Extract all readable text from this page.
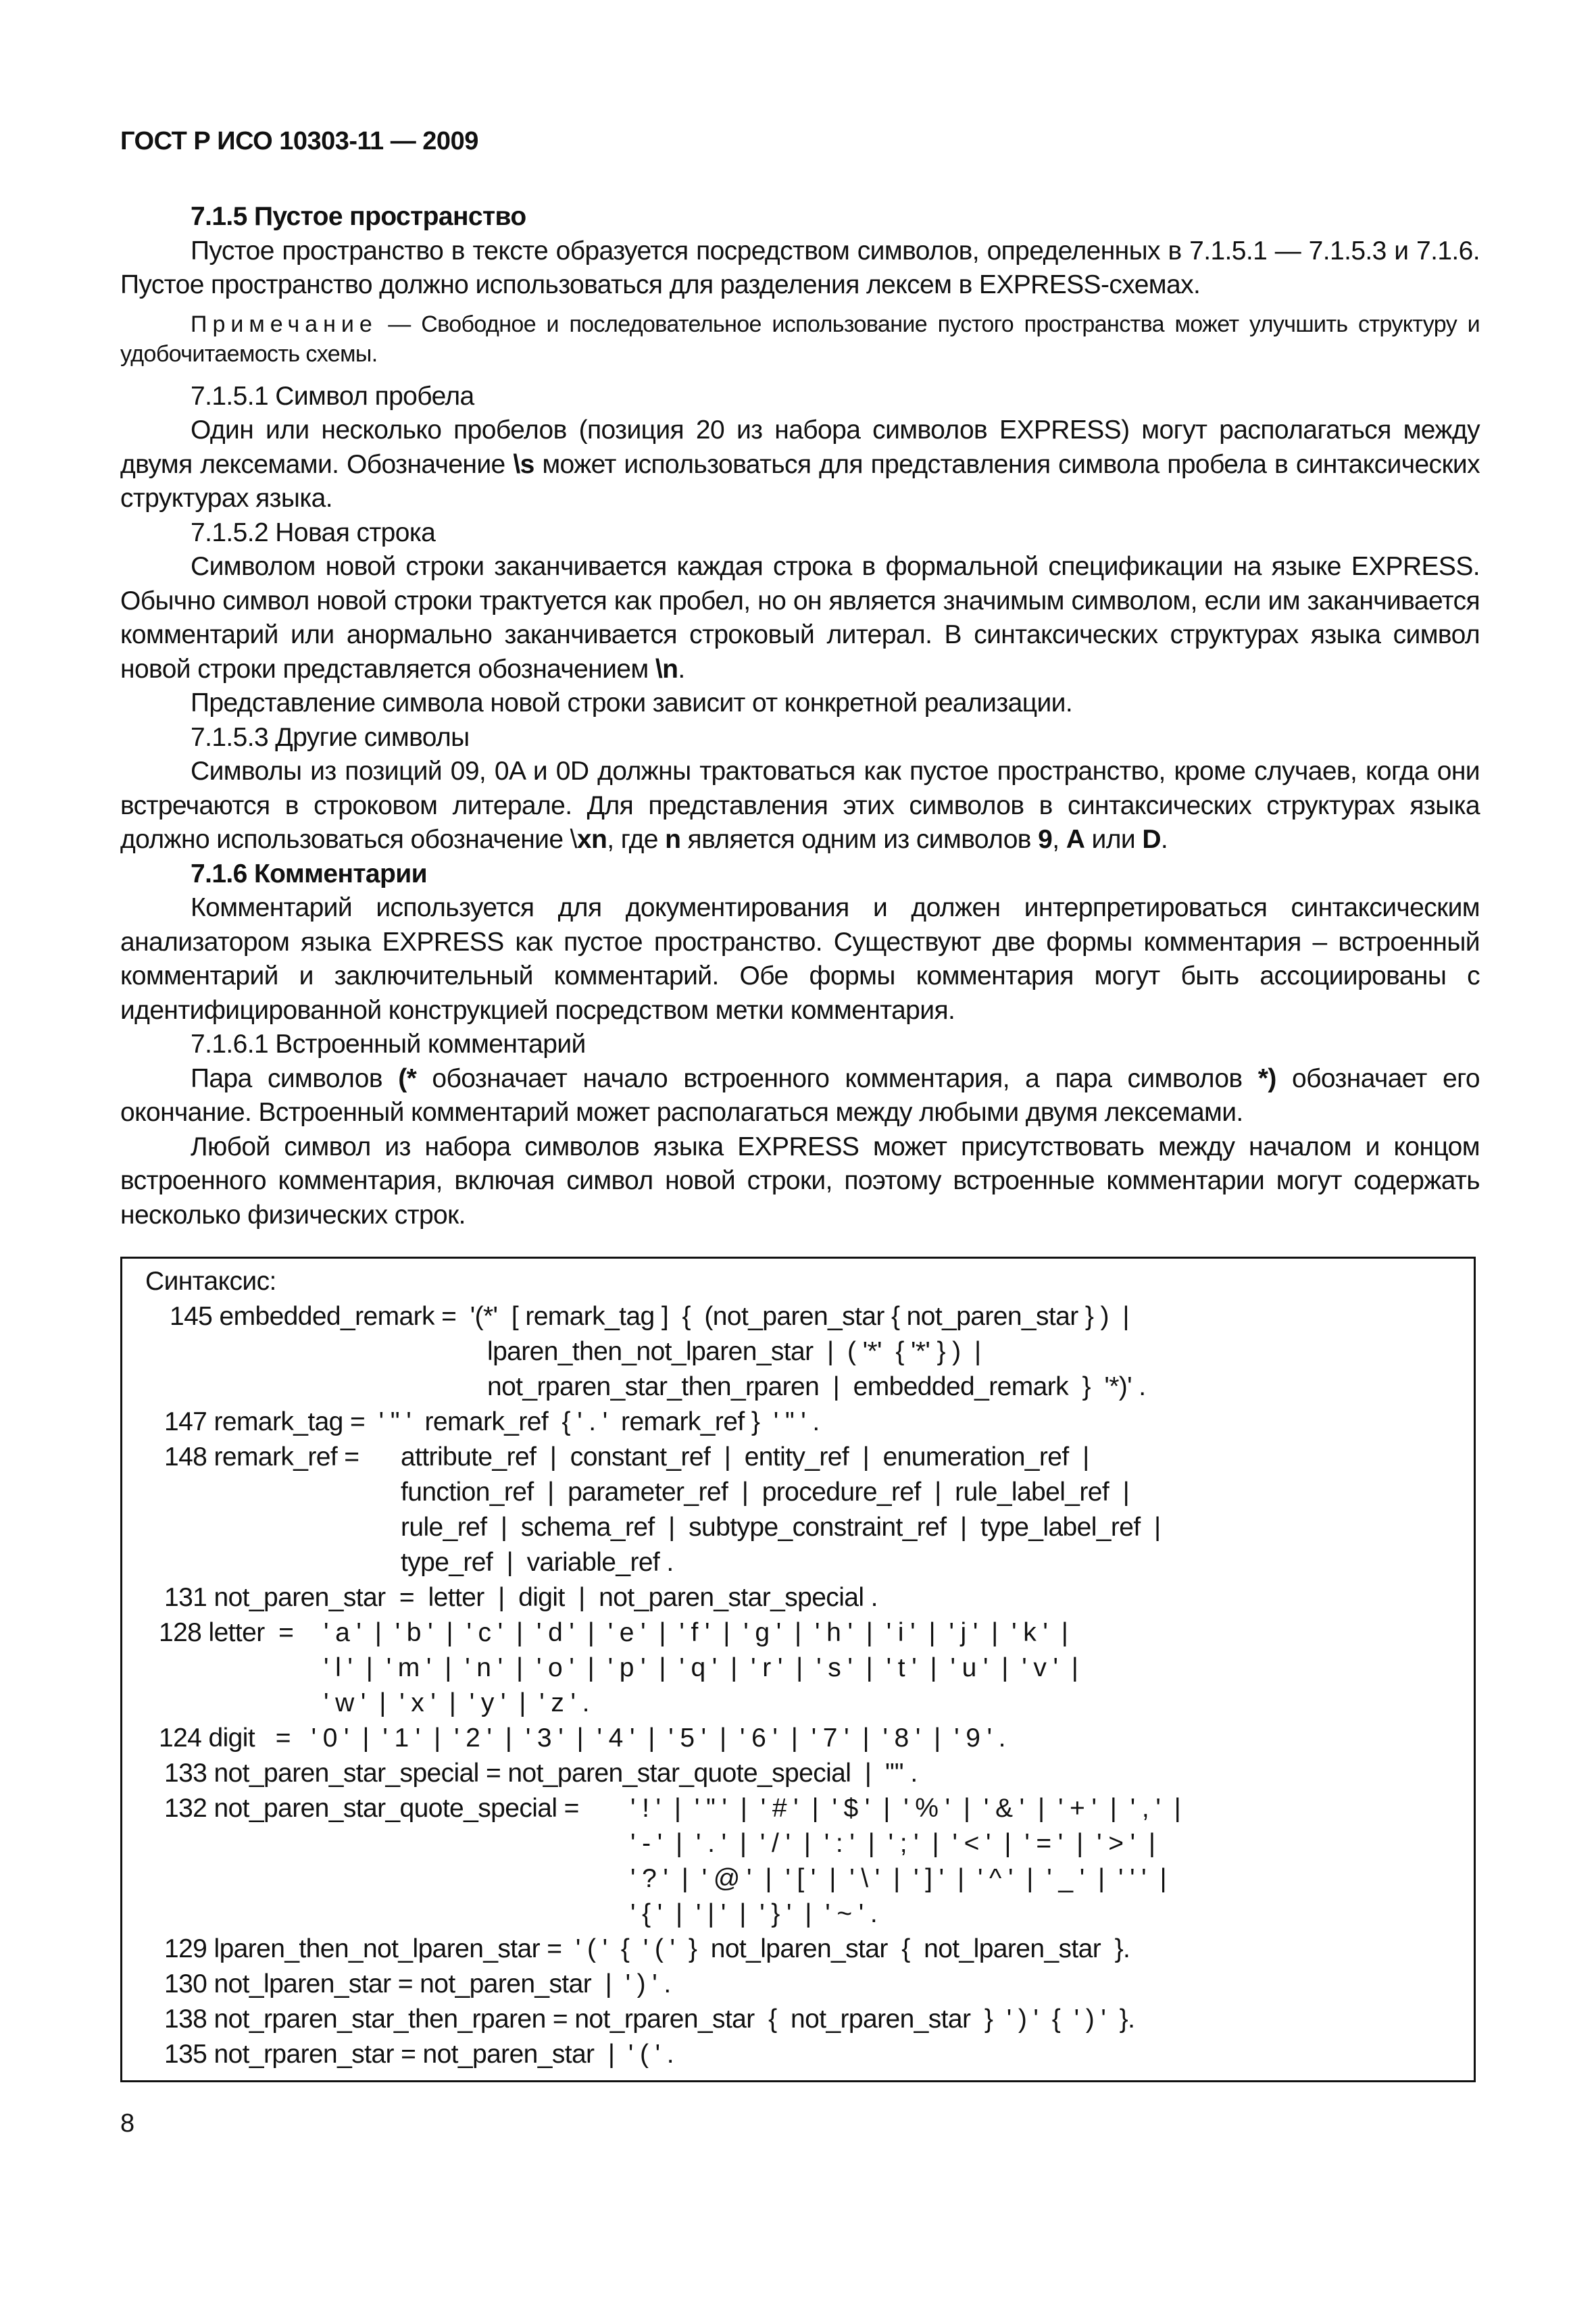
ГОСТ Р ИСО 10303-11 — 2009

7.1.5 Пустое пространство

Пустое пространство в тексте образуется посредством символов, определенных в 7.1.5.1 — 7.1.5.3 и 7.1.6. Пустое пространство должно использоваться для разделения лексем в EXPRESS-схемах.

Примечание — Свободное и последовательное использование пустого пространства может улучшить структуру и удобочитаемость схемы.

7.1.5.1 Символ пробела

Один или несколько пробелов (позиция 20 из набора символов EXPRESS) могут располагаться между двумя лексемами. Обозначение \s может использоваться для представления символа пробела в синтаксических структурах языка.

7.1.5.2 Новая строка

Символом новой строки заканчивается каждая строка в формальной спецификации на языке EXPRESS. Обычно символ новой строки трактуется как пробел, но он является значимым символом, если им заканчивается комментарий или анормально заканчивается строковый литерал. В синтаксических структурах языка символ новой строки представляется обозначением \n.

Представление символа новой строки зависит от конкретной реализации.

7.1.5.3 Другие символы

Символы из позиций 09, 0A и 0D должны трактоваться как пустое пространство, кроме случаев, когда они встречаются в строковом литерале. Для представления этих символов в синтаксических структурах языка должно использоваться обозначение \xn, где n является одним из символов 9, A или D.

7.1.6 Комментарии

Комментарий используется для документирования и должен интерпретироваться синтаксическим анализатором языка EXPRESS как пустое пространство. Существуют две формы комментария – встроенный комментарий и заключительный комментарий. Обе формы комментария могут быть ассоциированы с идентифицированной конструкцией посредством метки комментария.

7.1.6.1 Встроенный комментарий

Пара символов (* обозначает начало встроенного комментария, а пара символов *) обозначает его окончание. Встроенный комментарий может располагаться между любыми двумя лексемами.

Любой символ из набора символов языка EXPRESS может присутствовать между началом и концом встроенного комментария, включая символ новой строки, поэтому встроенные комментарии могут содержать несколько физических строк.

Синтаксис:
145 embedded_remark =  '(*'  [ remark_tag ]  {  (not_paren_star { not_paren_star } )  |
lparen_then_not_lparen_star  |  ( '*'  { '*' } )  |
not_rparen_star_then_rparen  |  embedded_remark  }  '*)' .
147 remark_tag =  ' " '  remark_ref  { ' . '  remark_ref }  ' " ' .
148 remark_ref = attribute_ref  |  constant_ref  |  entity_ref  |  enumeration_ref  |
function_ref  |  parameter_ref  |  procedure_ref  |  rule_label_ref  |
rule_ref  |  schema_ref  |  subtype_constraint_ref  |  type_label_ref  |
type_ref  |  variable_ref .
131 not_paren_star  =  letter  |  digit  |  not_paren_star_special .
128 letter  = ' a '  |  ' b '  |  ' c '  |  ' d '  |  ' e '  |  ' f '  |  ' g '  |  ' h '  |  ' i '  |  ' j '  |  ' k '  |
' l '  |  ' m '  |  ' n '  |  ' o '  |  ' p '  |  ' q '  |  ' r '  |  ' s '  |  ' t '  |  ' u '  |  ' v '  |
' w '  |  ' x '  |  ' y '  |  ' z ' .
124 digit   =   ' 0 '  |  ' 1 '  |  ' 2 '  |  ' 3 '  |  ' 4 '  |  ' 5 '  |  ' 6 '  |  ' 7 '  |  ' 8 '  |  ' 9 ' .
133 not_paren_star_special = not_paren_star_quote_special  |  '''' .
132 not_paren_star_quote_special = ' ! '  |  ' " '  |  ' # '  |  ' $ '  |  ' % '  |  ' & '  |  ' + '  |  ' , '  |
' - '  |  ' . '  |  ' / '  |  ' : '  |  ' ; '  |  ' < '  |  ' = '  |  ' > '  |
' ? '  |  ' @ '  |  ' [ '  |  ' \ '  |  ' ] '  |  ' ^ '  |  ' _ '  |  ' ' '  |
' { '  |  ' | '  |  ' } '  |  ' ~ ' .
129 lparen_then_not_lparen_star =  ' ( '  {  ' ( '  }  not_lparen_star  {  not_lparen_star  }.
130 not_lparen_star = not_paren_star  |  ' ) ' .
138 not_rparen_star_then_rparen = not_rparen_star  {  not_rparen_star  }  ' ) '  {  ' ) '  }.
135 not_rparen_star = not_paren_star  |  ' ( ' .
8
